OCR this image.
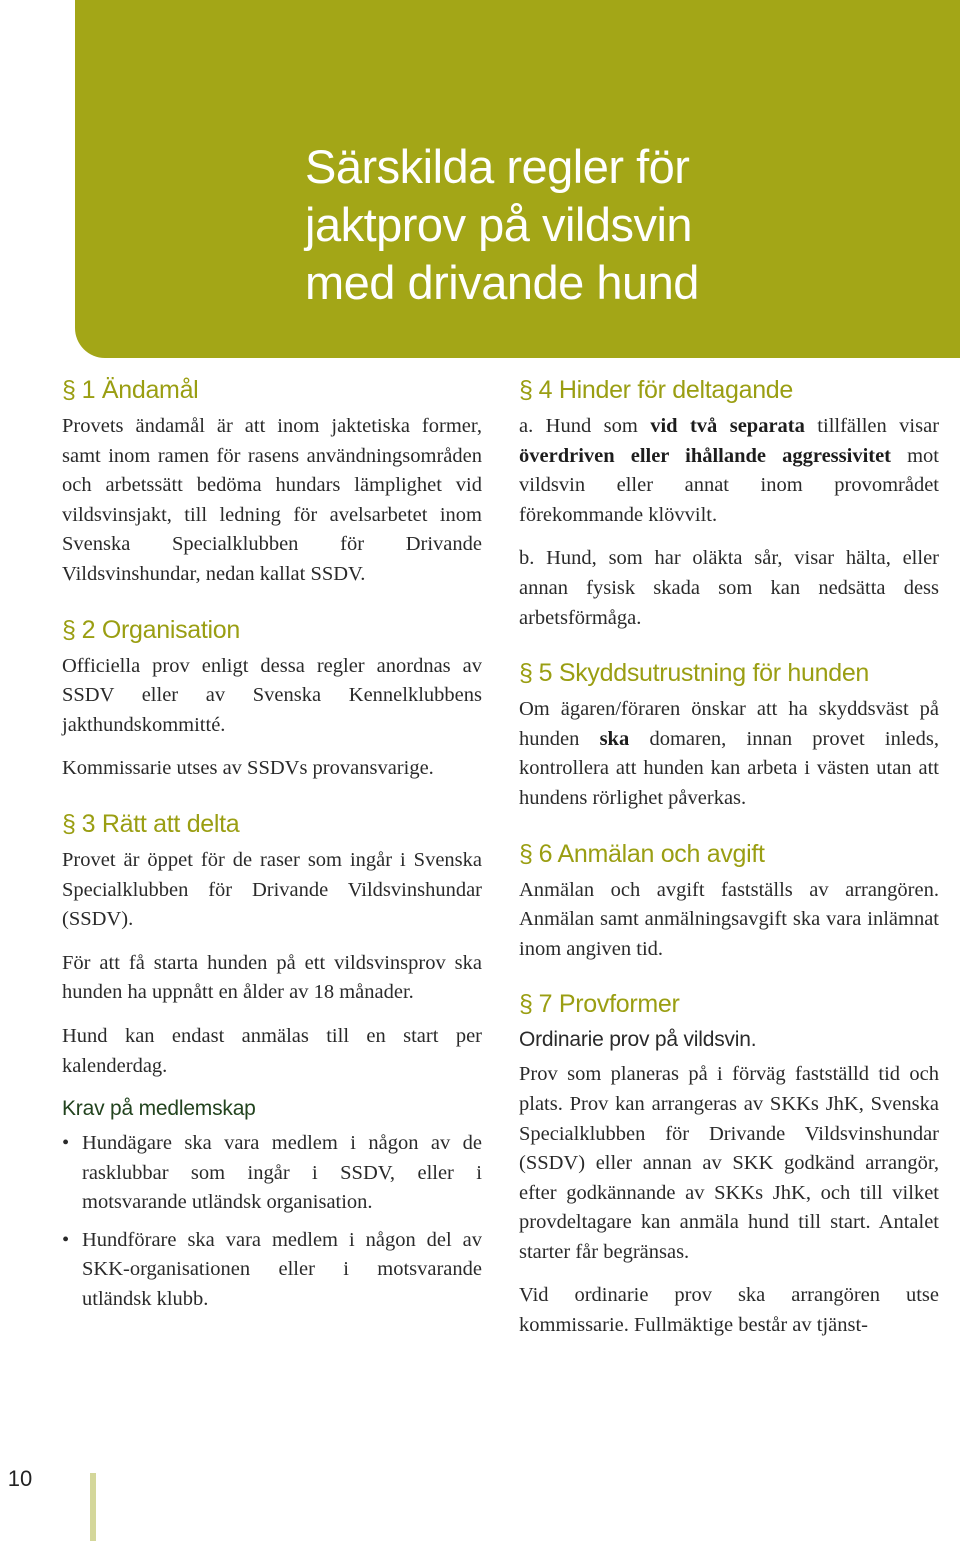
Särskilda regler för
jaktprov på vildsvin
med drivande hund
§ 1 Ändamål

Provets ändamål är att inom jaktetiska former, samt inom ramen för rasens användningsområden och arbetssätt bedöma hundars lämplighet vid vildsvinsjakt, till ledning för avelsarbetet inom Svenska Specialklubben för Drivande Vildsvinshundar, nedan kallat SSDV.

§ 2 Organisation

Officiella prov enligt dessa regler anordnas av SSDV eller av Svenska Kennelklubbens jakthundskommitté.

Kommissarie utses av SSDVs provansvarige.

§ 3 Rätt att delta

Provet är öppet för de raser som ingår i Svenska Specialklubben för Drivande Vildsvinshundar (SSDV).

För att få starta hunden på ett vildsvinsprov ska hunden ha uppnått en ålder av 18 månader.

Hund kan endast anmälas till en start per kalenderdag.

Krav på medlemskap
• Hundägare ska vara medlem i någon av de rasklubbar som ingår i SSDV, eller i motsvarande utländsk organisation.
• Hundförare ska vara medlem i någon del av SKK-organisationen eller i motsvarande utländsk klubb.
§ 4 Hinder för deltagande

a. Hund som vid två separata tillfällen visar överdriven eller ihållande aggressivitet mot vildsvin eller annat inom provområdet förekommande klövvilt.

b. Hund, som har oläkta sår, visar hälta, eller annan fysisk skada som kan nedsätta dess arbetsförmåga.

§ 5 Skyddsutrustning för hunden

Om ägaren/föraren önskar att ha skyddsväst på hunden ska domaren, innan provet inleds, kontrollera att hunden kan arbeta i västen utan att hundens rörlighet påverkas.

§ 6 Anmälan och avgift

Anmälan och avgift fastställs av arrangören. Anmälan samt anmälningsavgift ska vara inlämnat inom angiven tid.

§ 7 Provformer
Ordinarie prov på vildsvin.

Prov som planeras på i förväg fastställd tid och plats. Prov kan arrangeras av SKKs JhK, Svenska Specialklubben för Drivande Vildsvinshundar (SSDV) eller annan av SKK godkänd arrangör, efter godkännande av SKKs JhK, och till vilket provdeltagare kan anmäla hund till start. Antalet starter får begränsas.

Vid ordinarie prov ska arrangören utse kommissarie. Fullmäktige består av tjänst-

10
